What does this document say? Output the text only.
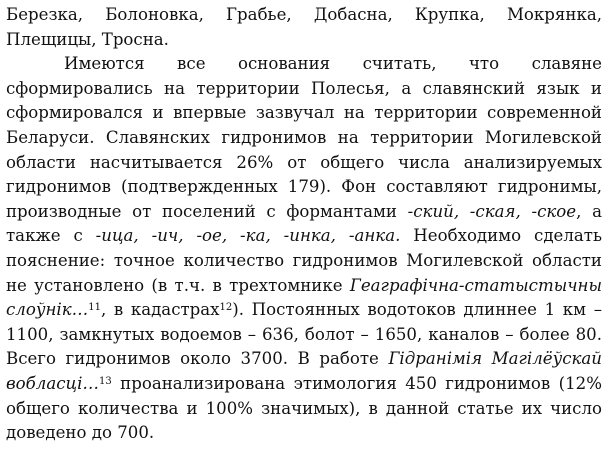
Березка, Болоновка, Грабье, Добасна, Крупка, Мокрянка, Плещицы, Тросна.

Имеются все основания считать, что славяне сформировались на территории Полесья, а славянский язык и сформировался и впервые зазвучал на территории современной Беларуси. Славянских гидронимов на территории Могилевской области насчитывается 26% от общего числа анализируемых гидронимов (подтвержденных 179). Фон составляют гидронимы, производные от поселений с формантами -ский, -ская, -ское, а также с -ица, -ич, -ое, -ка, -инка, -анка. Необходимо сделать пояснение: точное количество гидронимов Могилевской области не установлено (в т.ч. в трехтомнике Геаграфічна-статыстычны слоўнік…$^{11}$, в кадастрах$^{12}$). Постоянных водотоков длиннее 1 км – 1100, замкнутых водоемов – 636, болот – 1650, каналов – более 80. Всего гидронимов около 3700. В работе Гідранімія Магілёўскай вобласці…$^{13}$ проанализирована этимология 450 гидронимов (12% общего количества и 100% значимых), в данной статье их число доведено до 700.
